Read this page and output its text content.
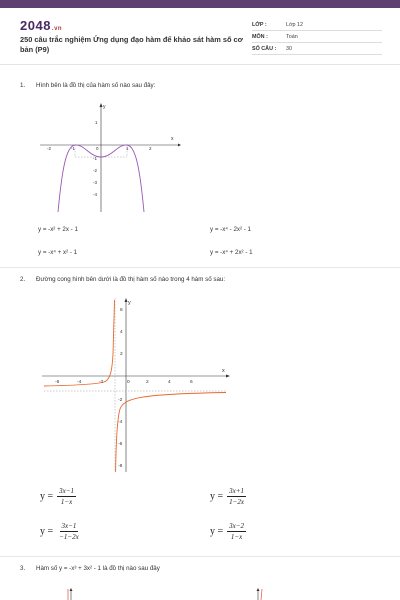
2048.vn
250 câu trắc nghiệm Ứng dụng đạo hàm để khảo sát hàm số cơ bản (P9)
LỚP :	Lớp 12
MÔN :	Toán
SỐ CÂU :	30
1. Hình bên là đồ thị của hàm số nào sau đây:
x
y
-2	-1	0	1	2
1
-1
-2
-3
-4
y = -x² + 2x - 1	y = -x⁴ - 2x² - 1
y = -x⁴ + x² - 1	y = -x⁴ + 2x² - 1
2. Đường cong hình bên dưới là đồ thị hàm số nào trong 4 hàm số sau:
x
y
-6	-4	-2	0	2	4	6
6
4
2
-2
-4
-6
-8
$y = \frac{3x-1}{1-x}$	$y = \frac{3x+1}{1-2x}$
$y = \frac{3x-1}{-1-2x}$	$y = \frac{3x-2}{1-x}$
3. Hàm số y = -x³ + 3x² - 1 là đồ thị nào sau đây
